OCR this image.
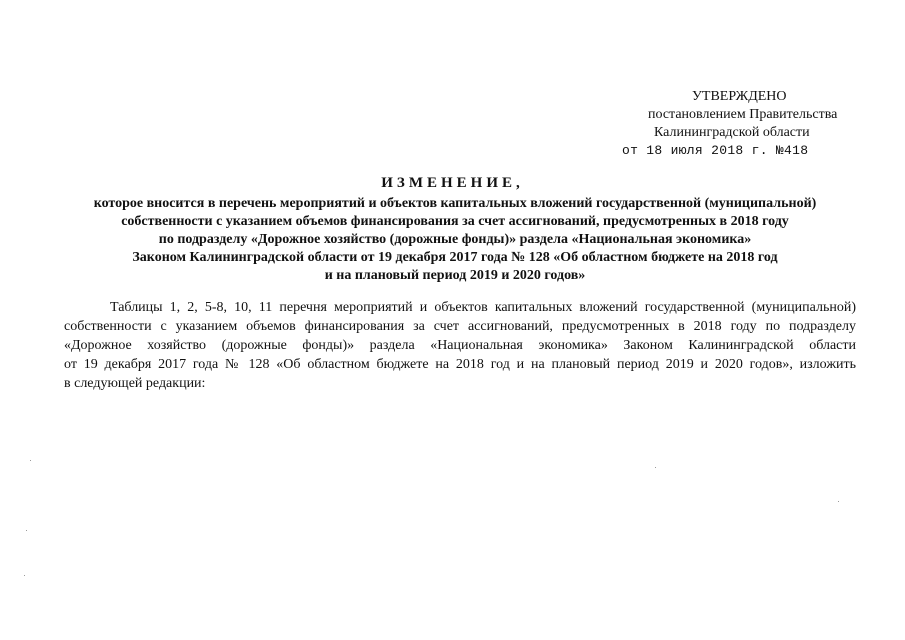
УТВЕРЖДЕНО
постановлением Правительства
Калининградской области
от 18 июля 2018 г. №418
ИЗМЕНЕНИЕ,
которое вносится в перечень мероприятий и объектов капитальных вложений государственной (муниципальной)
собственности с указанием объемов финансирования за счет ассигнований, предусмотренных в 2018 году
по подразделу «Дорожное хозяйство (дорожные фонды)» раздела «Национальная экономика»
Законом Калининградской области от 19 декабря 2017 года № 128 «Об областном бюджете на 2018 год
и на плановый период 2019 и 2020 годов»
Таблицы 1, 2, 5-8, 10, 11 перечня мероприятий и объектов капитальных вложений государственной (муниципальной)
собственности с указанием объемов финансирования за счет ассигнований, предусмотренных в 2018 году по подразделу
«Дорожное хозяйство (дорожные фонды)» раздела «Национальная экономика» Законом Калининградской области
от 19 декабря 2017 года № 128 «Об областном бюджете на 2018 год и на плановый период 2019 и 2020 годов», изложить
в следующей редакции:
